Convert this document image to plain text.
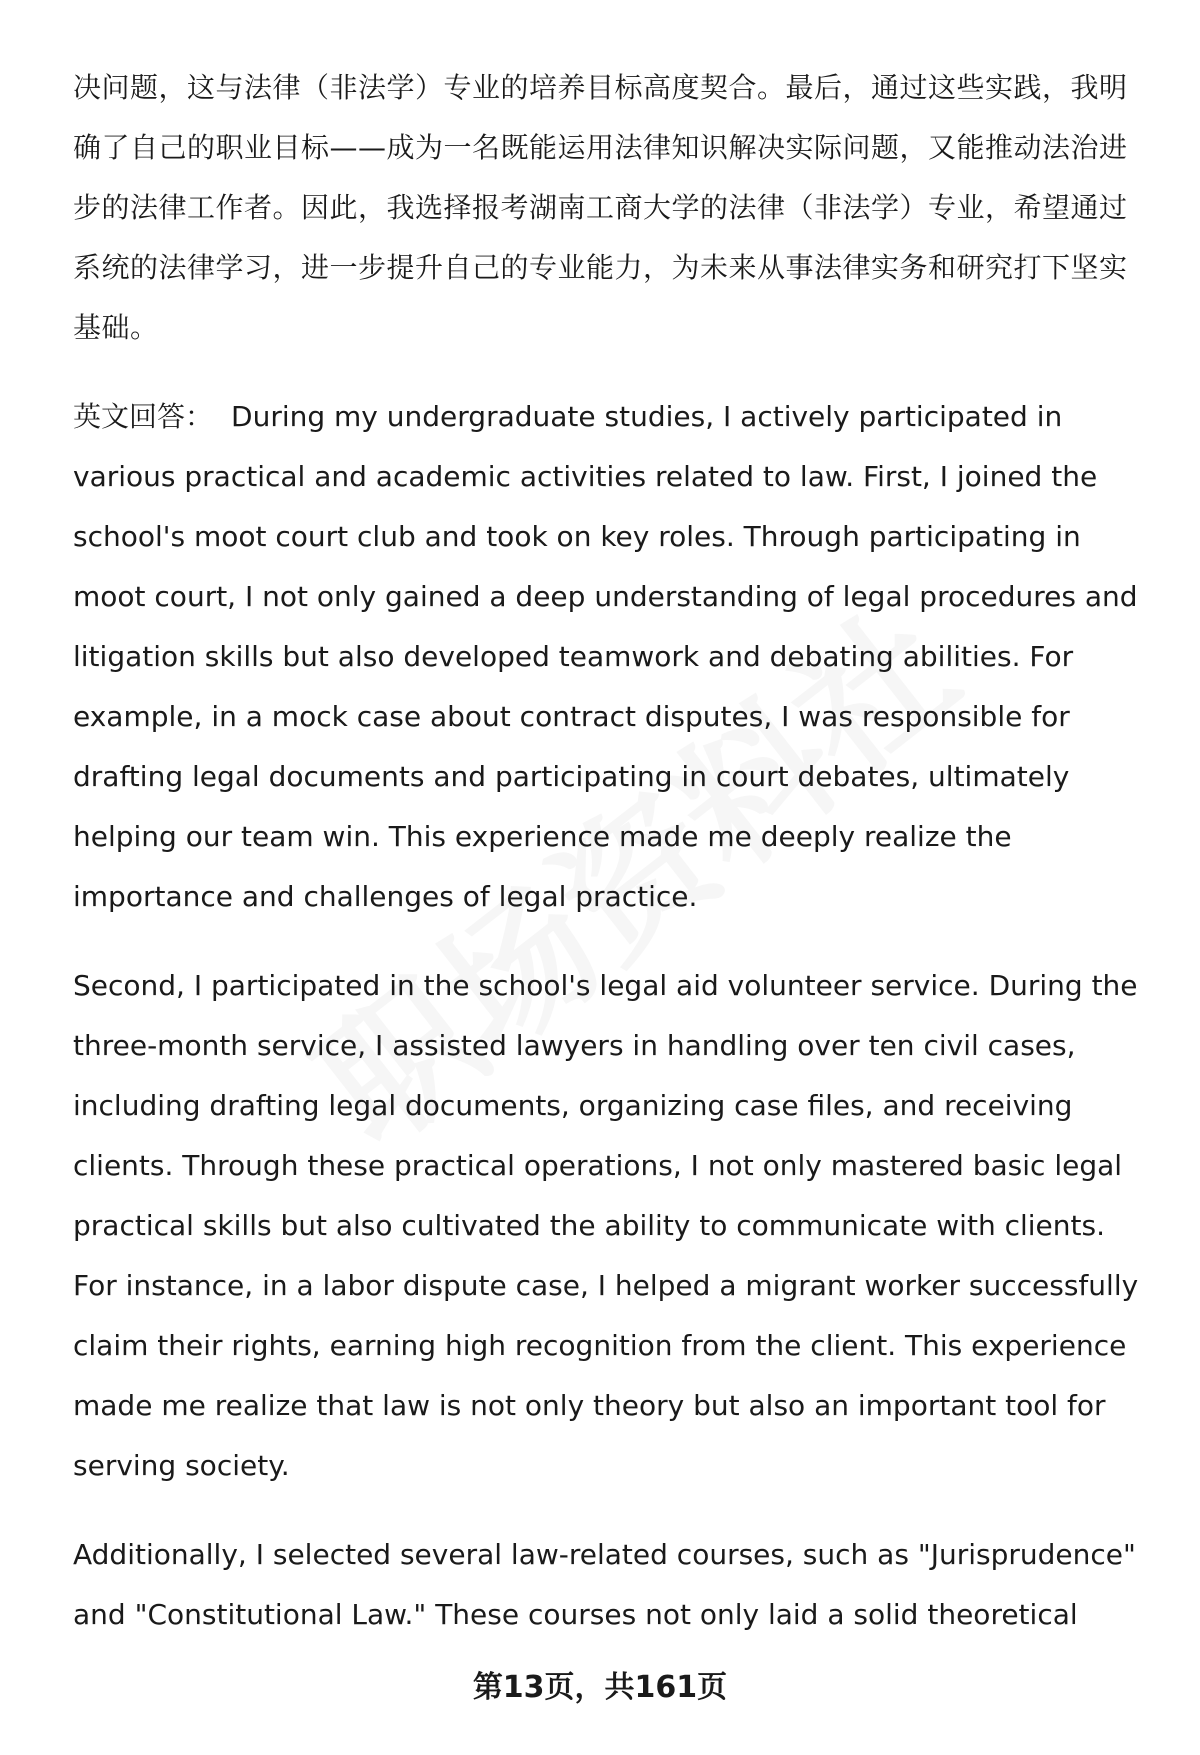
决问题，这与法律（非法学）专业的培养目标高度契合。最后，通过这些实践，我明确了自己的职业目标——成为一名既能运用法律知识解决实际问题，又能推动法治进步的法律工作者。因此，我选择报考湖南工商大学的法律（非法学）专业，希望通过系统的法律学习，进一步提升自己的专业能力，为未来从事法律实务和研究打下坚实基础。

英文回答： During my undergraduate studies, I actively participated in various practical and academic activities related to law. First, I joined the school's moot court club and took on key roles. Through participating in moot court, I not only gained a deep understanding of legal procedures and litigation skills but also developed teamwork and debating abilities. For example, in a mock case about contract disputes, I was responsible for drafting legal documents and participating in court debates, ultimately helping our team win. This experience made me deeply realize the importance and challenges of legal practice.

Second, I participated in the school's legal aid volunteer service. During the three-month service, I assisted lawyers in handling over ten civil cases, including drafting legal documents, organizing case files, and receiving clients. Through these practical operations, I not only mastered basic legal practical skills but also cultivated the ability to communicate with clients. For instance, in a labor dispute case, I helped a migrant worker successfully claim their rights, earning high recognition from the client. This experience made me realize that law is not only theory but also an important tool for serving society.

Additionally, I selected several law-related courses, such as "Jurisprudence" and "Constitutional Law." These courses not only laid a solid theoretical

第13页，共161页
